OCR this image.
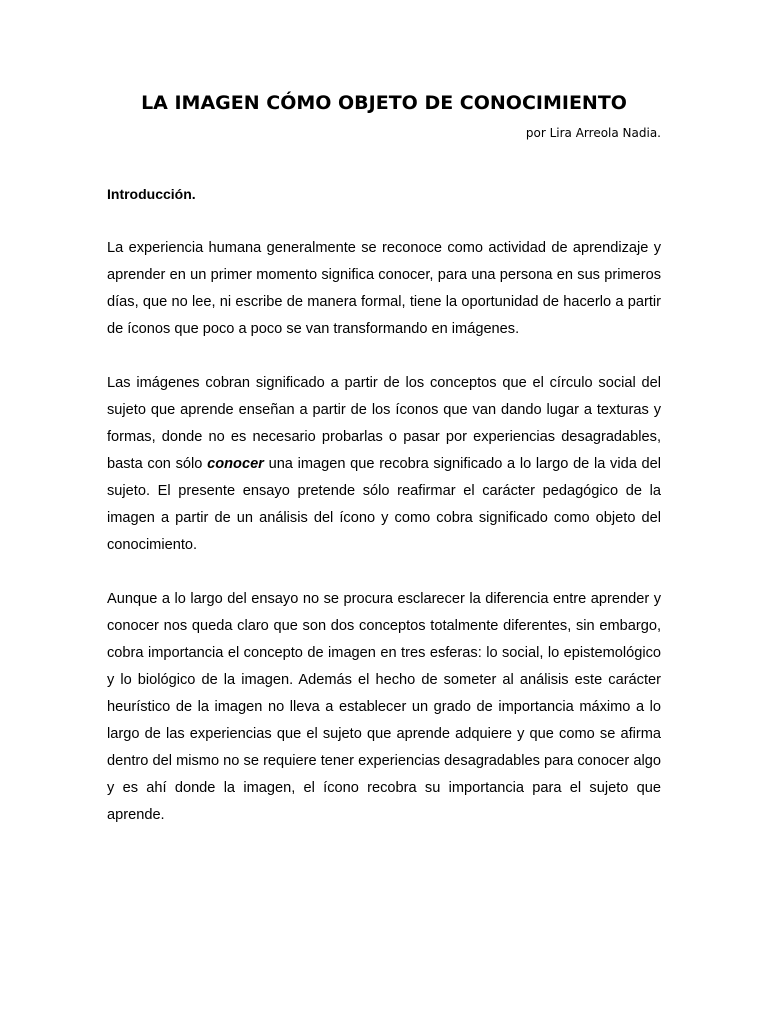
LA IMAGEN CÓMO OBJETO DE CONOCIMIENTO

por Lira Arreola Nadia.

Introducción.

La experiencia humana generalmente se reconoce como actividad de aprendizaje y aprender en un primer momento significa conocer, para una persona en sus primeros días, que no lee, ni escribe de manera formal, tiene la oportunidad de hacerlo a partir de íconos que poco a poco se van transformando en imágenes.

Las imágenes cobran significado a partir de los conceptos que el círculo social del sujeto que aprende enseñan a partir de los íconos que van dando lugar a texturas y formas, donde no es necesario probarlas o pasar por experiencias desagradables, basta con sólo conocer una imagen que recobra significado a lo largo de la vida del sujeto. El presente ensayo pretende sólo reafirmar el carácter pedagógico de la imagen a partir de un análisis del ícono y como cobra significado como objeto del conocimiento.

Aunque a lo largo del ensayo no se procura esclarecer la diferencia entre aprender y conocer nos queda claro que son dos conceptos totalmente diferentes, sin embargo, cobra importancia el concepto de imagen en tres esferas: lo social, lo epistemológico y lo biológico de la imagen. Además el hecho de someter al análisis este carácter heurístico de la imagen no lleva a establecer un grado de importancia máximo a lo largo de las experiencias que el sujeto que aprende adquiere y que como se afirma dentro del mismo no se requiere tener experiencias desagradables para conocer algo y es ahí donde la imagen, el ícono recobra su importancia para el sujeto que aprende.
